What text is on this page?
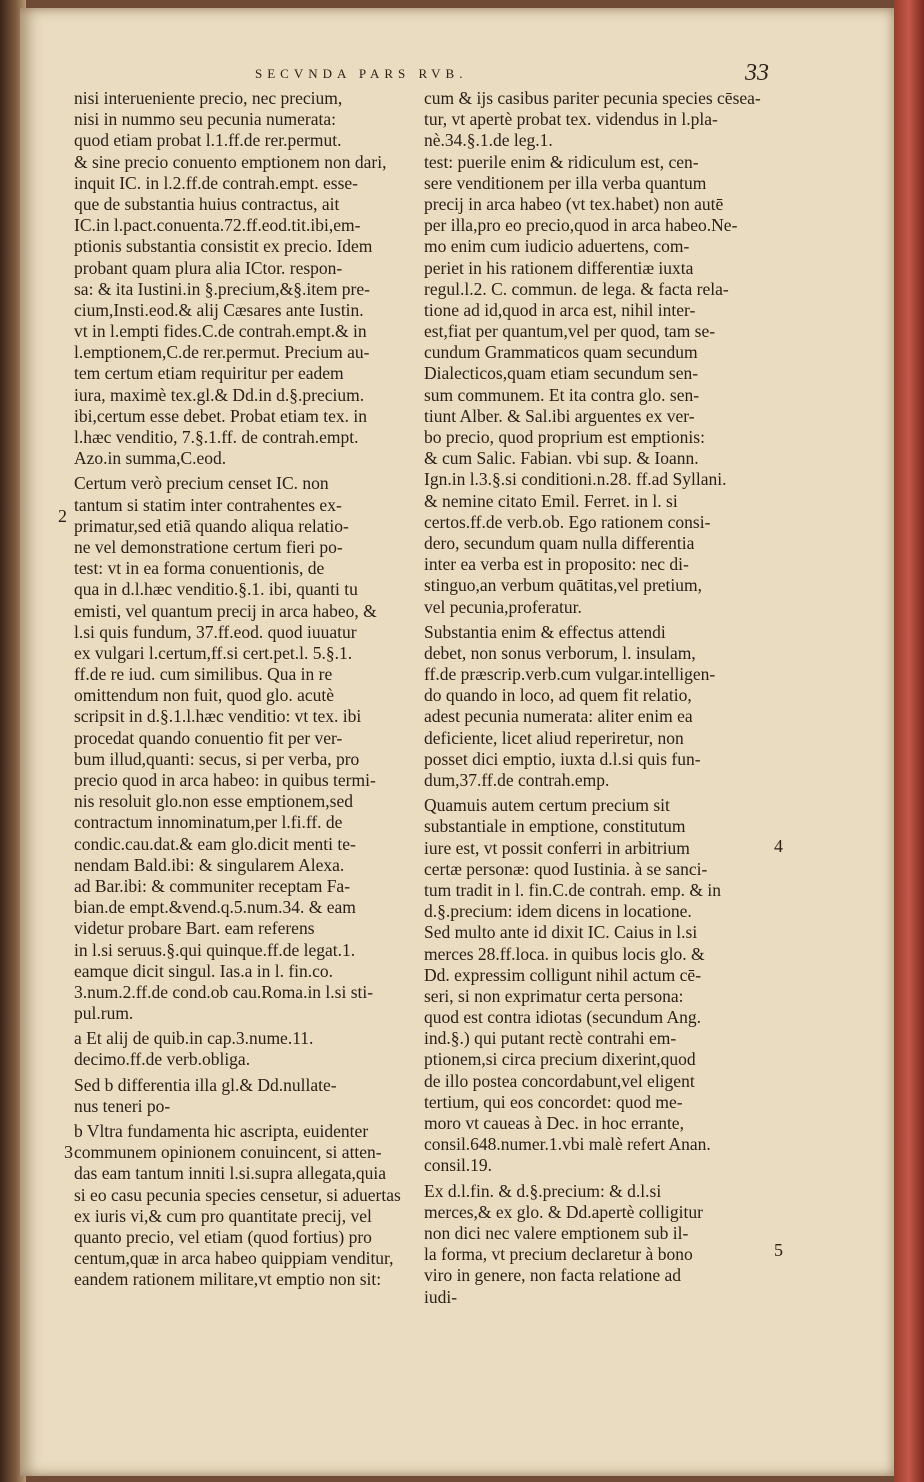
SECVNDA PARS RVB.	33
2
3
4
5
nisi interueniente precio, nec precium,
nisi in nummo seu pecunia numerata:
quod etiam probat l.1.ff.de rer.permut.
& sine precio conuento emptionem non dari,
inquit IC. in l.2.ff.de contrah.empt. esse-
que de substantia huius contractus, ait
IC.in l.pact.conuenta.72.ff.eod.tit.ibi,em-
ptionis substantia consistit ex precio. Idem
probant quam plura alia ICtor. respon-
sa: & ita Iustini.in §.precium,&§.item pre-
cium,Insti.eod.& alij Cæsares ante Iustin.
vt in l.empti fides.C.de contrah.empt.& in
l.emptionem,C.de rer.permut. Precium au-
tem certum etiam requiritur per eadem
iura, maximè tex.gl.& Dd.in d.§.precium.
ibi,certum esse debet. Probat etiam tex. in
l.hæc venditio, 7.§.1.ff. de contrah.empt.
Azo.in summa,C.eod.
Certum verò precium censet IC. non
tantum si statim inter contrahentes ex-
primatur,sed etiã quando aliqua relatio-
ne vel demonstratione certum fieri po-
test: vt in ea forma conuentionis, de
qua in d.l.hæc venditio.§.1. ibi, quanti tu
emisti, vel quantum precij in arca habeo, &
l.si quis fundum, 37.ff.eod. quod iuuatur
ex vulgari l.certum,ff.si cert.pet.l. 5.§.1.
ff.de re iud. cum similibus. Qua in re
omittendum non fuit, quod glo. acutè
scripsit in d.§.1.l.hæc venditio: vt tex. ibi
procedat quando conuentio fit per ver-
bum illud,quanti: secus, si per verba, pro
precio quod in arca habeo: in quibus termi-
nis resoluit glo.non esse emptionem,sed
contractum innominatum,per l.fi.ff. de
condic.cau.dat.& eam glo.dicit menti te-
nendam Bald.ibi: & singularem Alexa.
ad Bar.ibi: & communiter receptam Fa-
bian.de empt.&vend.q.5.num.34. & eam
videtur probare Bart. eam referens
in l.si seruus.§.qui quinque.ff.de legat.1.
eamque dicit singul. Ias.a in l. fin.co.
3.num.2.ff.de cond.ob cau.Roma.in l.si sti-
pul.rum.
a Et alij de quib.in cap.3.nume.11.
decimo.ff.de verb.obliga.
Sed b differentia illa gl.& Dd.nullate-
nus teneri po-
b Vltra fundamenta hic ascripta, euidenter
communem opinionem conuincent, si atten-
das eam tantum inniti l.si.supra allegata,quia
si eo casu pecunia species censetur, si aduertas
ex iuris vi,& cum pro quantitate precij, vel
quanto precio, vel etiam (quod fortius) pro
centum,quæ in arca habeo quippiam venditur,
eandem rationem militare,vt emptio non sit:
cum & ijs casibus pariter pecunia species cēsea-
tur, vt apertè probat tex. videndus in l.pla-
nè.34.§.1.de leg.1.
test: puerile enim & ridiculum est, cen-
sere venditionem per illa verba quantum
precij in arca habeo (vt tex.habet) non autē
per illa,pro eo precio,quod in arca habeo.Ne-
mo enim cum iudicio aduertens, com-
periet in his rationem differentiæ iuxta
regul.l.2. C. commun. de lega. & facta rela-
tione ad id,quod in arca est, nihil inter-
est,fiat per quantum,vel per quod, tam se-
cundum Grammaticos quam secundum
Dialecticos,quam etiam secundum sen-
sum communem. Et ita contra glo. sen-
tiunt Alber. & Sal.ibi arguentes ex ver-
bo precio, quod proprium est emptionis:
& cum Salic. Fabian. vbi sup. & Ioann.
Ign.in l.3.§.si conditioni.n.28. ff.ad Syllani.
& nemine citato Emil. Ferret. in l. si
certos.ff.de verb.ob. Ego rationem consi-
dero, secundum quam nulla differentia
inter ea verba est in proposito: nec di-
stinguo,an verbum quātitas,vel pretium,
vel pecunia,proferatur.
Substantia enim & effectus attendi
debet, non sonus verborum, l. insulam,
ff.de præscrip.verb.cum vulgar.intelligen-
do quando in loco, ad quem fit relatio,
adest pecunia numerata: aliter enim ea
deficiente, licet aliud reperiretur, non
posset dici emptio, iuxta d.l.si quis fun-
dum,37.ff.de contrah.emp.
Quamuis autem certum precium sit
substantiale in emptione, constitutum
iure est, vt possit conferri in arbitrium
certæ personæ: quod Iustinia. à se sanci-
tum tradit in l. fin.C.de contrah. emp. & in
d.§.precium: idem dicens in locatione.
Sed multo ante id dixit IC. Caius in l.si
merces 28.ff.loca. in quibus locis glo. &
Dd. expressim colligunt nihil actum cē-
seri, si non exprimatur certa persona:
quod est contra idiotas (secundum Ang.
ind.§.) qui putant rectè contrahi em-
ptionem,si circa precium dixerint,quod
de illo postea concordabunt,vel eligent
tertium, qui eos concordet: quod me-
moro vt caueas à Dec. in hoc errante,
consil.648.numer.1.vbi malè refert Anan.
consil.19.
Ex d.l.fin. & d.§.precium: & d.l.si
merces,& ex glo. & Dd.apertè colligitur
non dici nec valere emptionem sub il-
la forma, vt precium declaretur à bono
viro in genere, non facta relatione ad
iudi-
